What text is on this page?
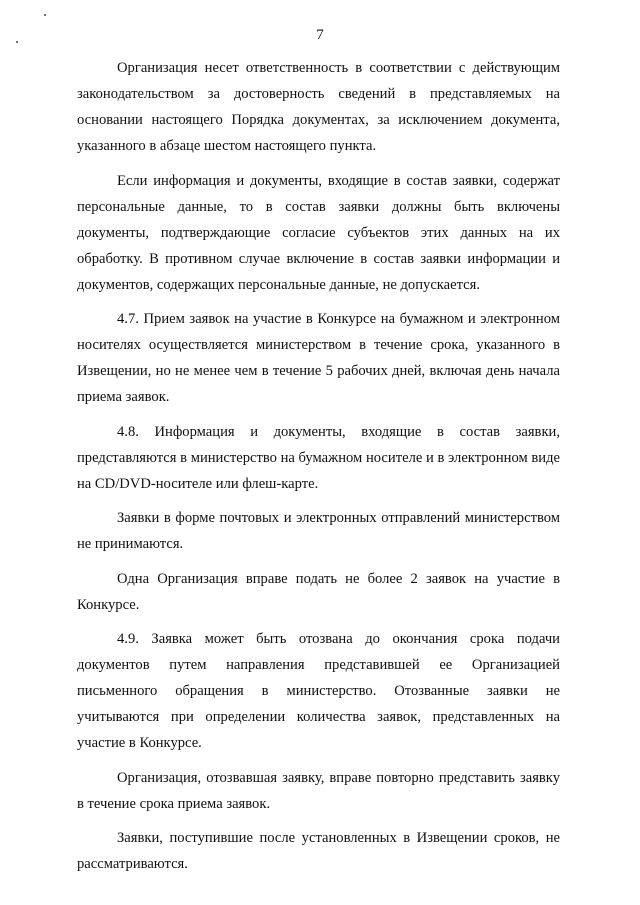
7

Организация несет ответственность в соответствии с действующим законодательством за достоверность сведений в представляемых на основании настоящего Порядка документах, за исключением документа, указанного в абзаце шестом настоящего пункта.

Если информация и документы, входящие в состав заявки, содержат персональные данные, то в состав заявки должны быть включены документы, подтверждающие согласие субъектов этих данных на их обработку. В противном случае включение в состав заявки информации и документов, содержащих персональные данные, не допускается.

4.7. Прием заявок на участие в Конкурсе на бумажном и электронном носителях осуществляется министерством в течение срока, указанного в Извещении, но не менее чем в течение 5 рабочих дней, включая день начала приема заявок.

4.8. Информация и документы, входящие в состав заявки, представляются в министерство на бумажном носителе и в электронном виде на CD/DVD-носителе или флеш-карте.

Заявки в форме почтовых и электронных отправлений министерством не принимаются.

Одна Организация вправе подать не более 2 заявок на участие в Конкурсе.

4.9. Заявка может быть отозвана до окончания срока подачи документов путем направления представившей ее Организацией письменного обращения в министерство. Отозванные заявки не учитываются при определении количества заявок, представленных на участие в Конкурсе.

Организация, отозвавшая заявку, вправе повторно представить заявку в течение срока приема заявок.

Заявки, поступившие после установленных в Извещении сроков, не рассматриваются.
